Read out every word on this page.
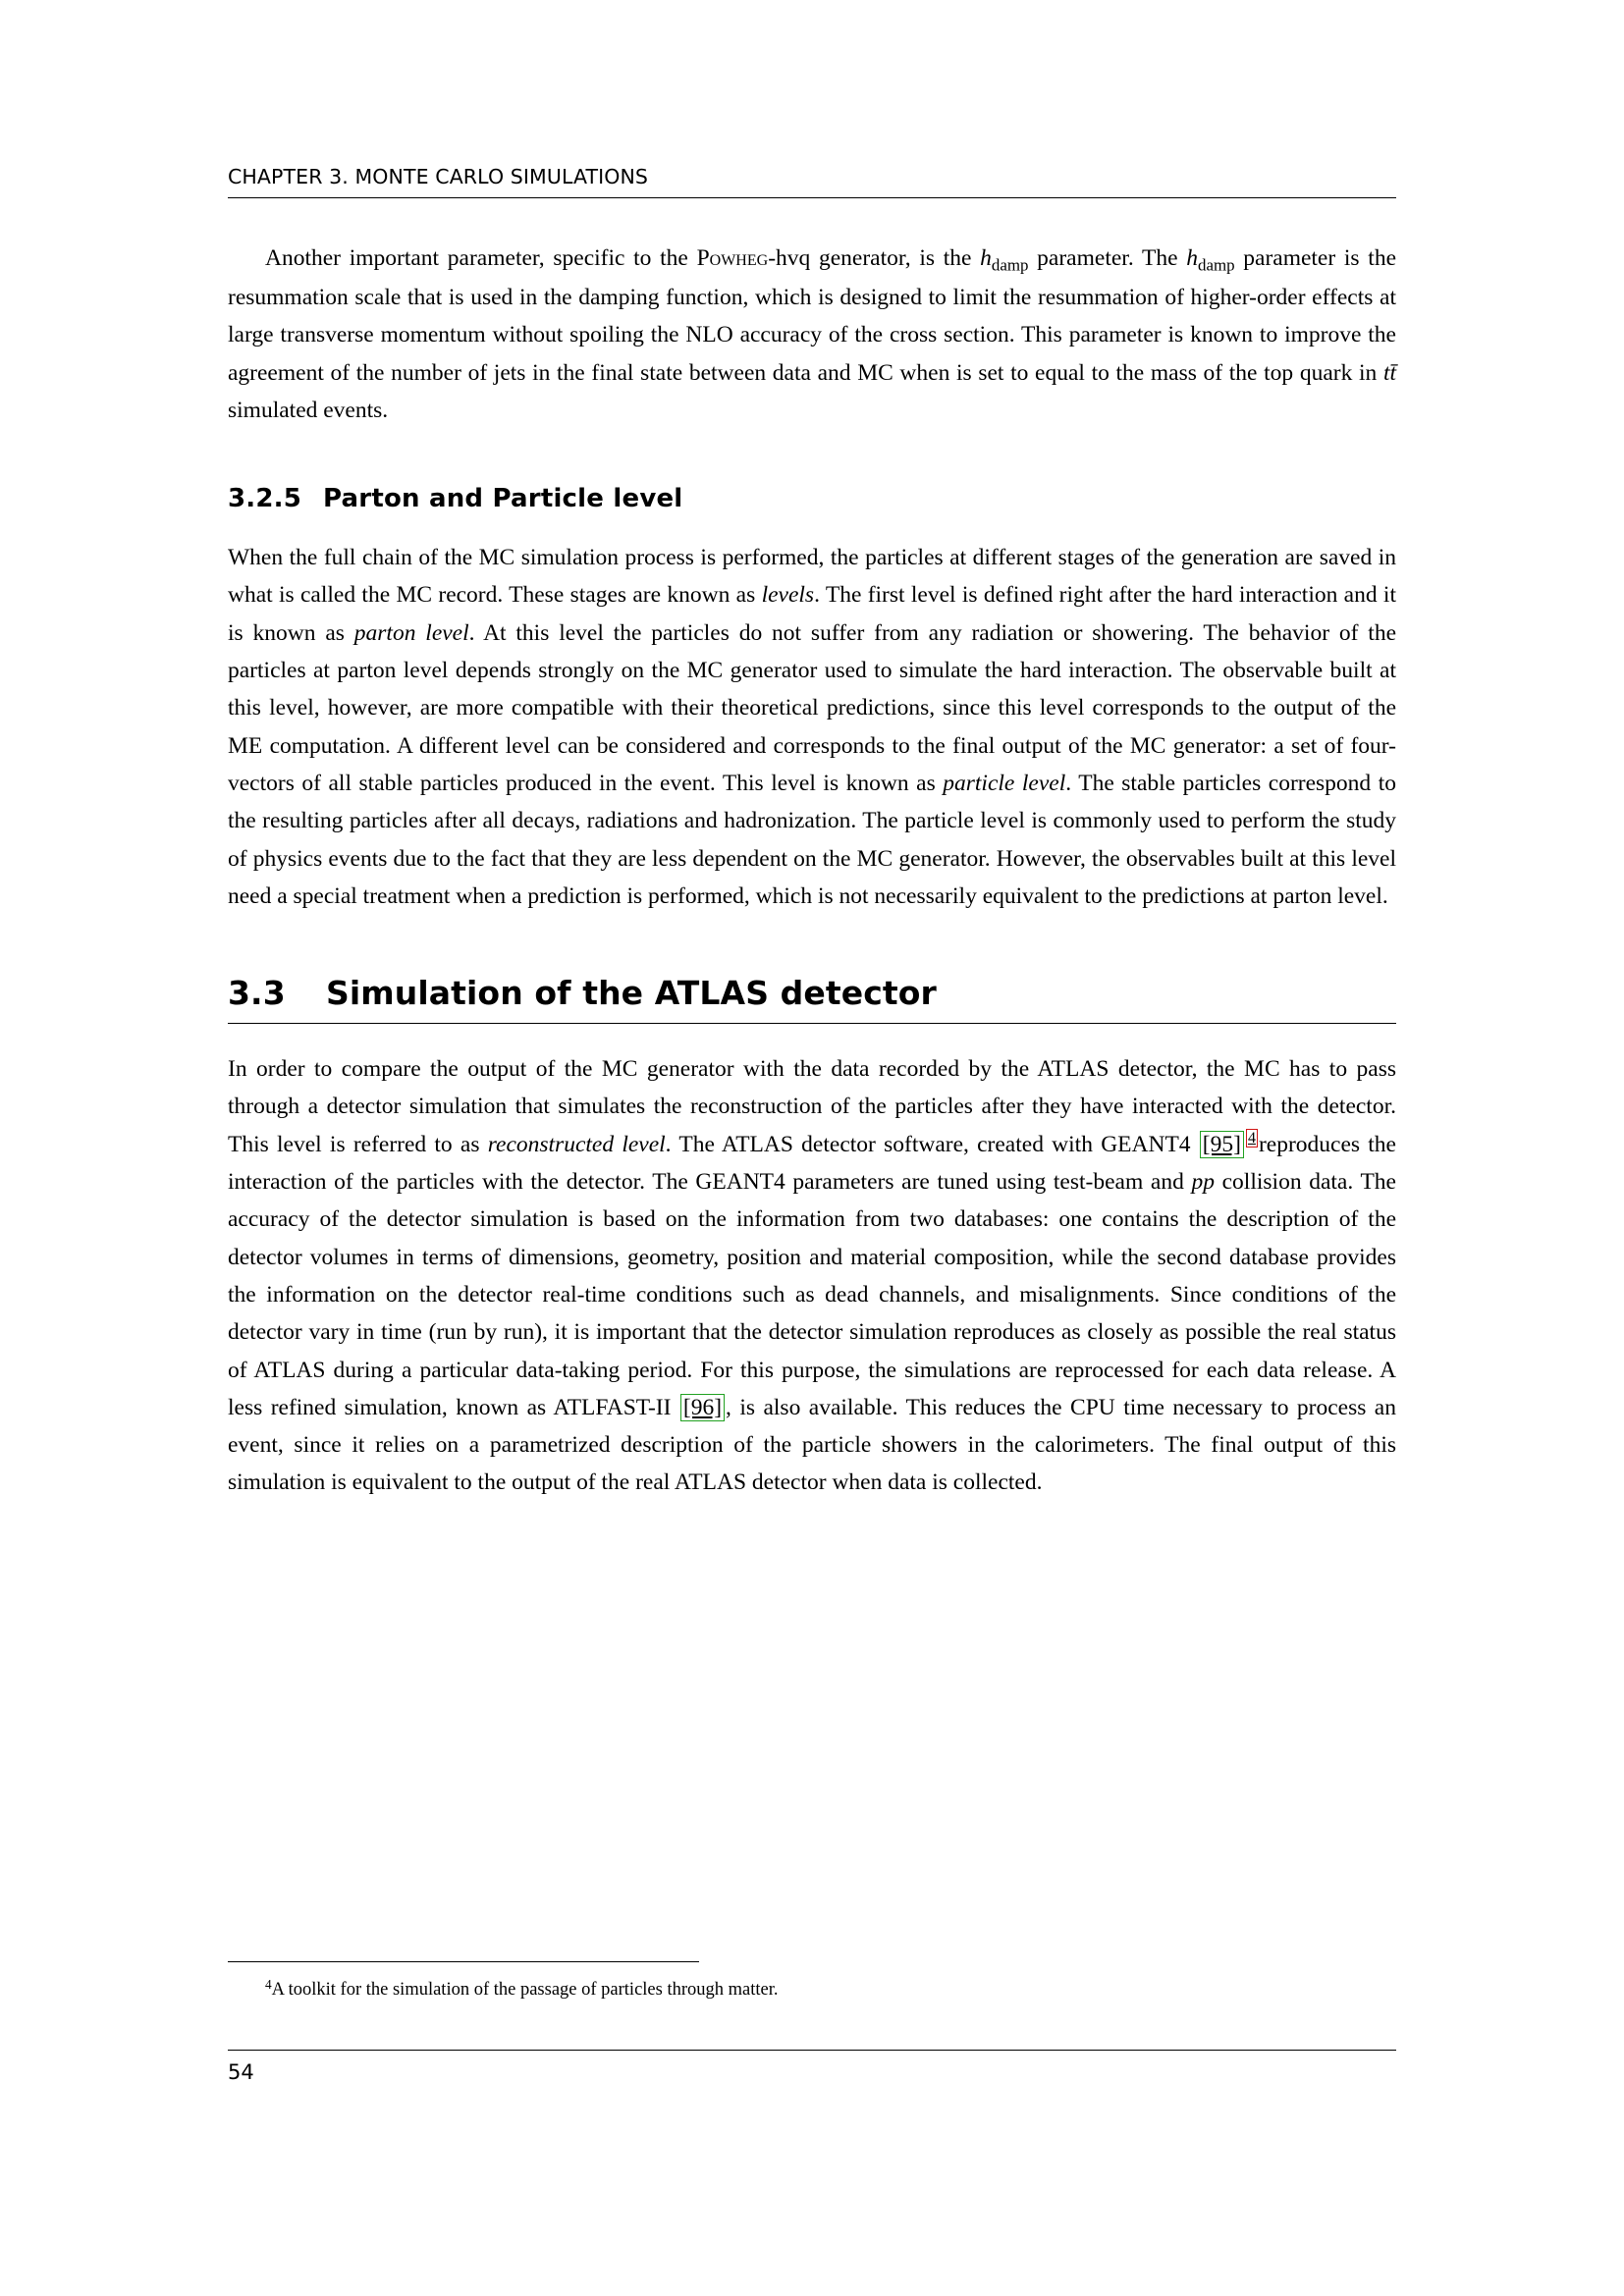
CHAPTER 3. MONTE CARLO SIMULATIONS

Another important parameter, specific to the Powheg-hvq generator, is the $h_{damp}$ parameter. The $h_{damp}$ parameter is the resummation scale that is used in the damping function, which is designed to limit the resummation of higher-order effects at large transverse momentum without spoiling the NLO accuracy of the cross section. This parameter is known to improve the agreement of the number of jets in the final state between data and MC when is set to equal to the mass of the top quark in tt̄ simulated events.

3.2.5 Parton and Particle level

When the full chain of the MC simulation process is performed, the particles at different stages of the generation are saved in what is called the MC record. These stages are known as levels. The first level is defined right after the hard interaction and it is known as parton level. At this level the particles do not suffer from any radiation or showering. The behavior of the particles at parton level depends strongly on the MC generator used to simulate the hard interaction. The observable built at this level, however, are more compatible with their theoretical predictions, since this level corresponds to the output of the ME computation. A different level can be considered and corresponds to the final output of the MC generator: a set of four-vectors of all stable particles produced in the event. This level is known as particle level. The stable particles correspond to the resulting particles after all decays, radiations and hadronization. The particle level is commonly used to perform the study of physics events due to the fact that they are less dependent on the MC generator. However, the observables built at this level need a special treatment when a prediction is performed, which is not necessarily equivalent to the predictions at parton level.

3.3 Simulation of the ATLAS detector

In order to compare the output of the MC generator with the data recorded by the ATLAS detector, the MC has to pass through a detector simulation that simulates the reconstruction of the particles after they have interacted with the detector. This level is referred to as reconstructed level. The ATLAS detector software, created with GEANT4 [95] $^4$ reproduces the interaction of the particles with the detector. The GEANT4 parameters are tuned using test-beam and pp collision data. The accuracy of the detector simulation is based on the information from two databases: one contains the description of the detector volumes in terms of dimensions, geometry, position and material composition, while the second database provides the information on the detector real-time conditions such as dead channels, and misalignments. Since conditions of the detector vary in time (run by run), it is important that the detector simulation reproduces as closely as possible the real status of ATLAS during a particular data-taking period. For this purpose, the simulations are reprocessed for each data release. A less refined simulation, known as ATLFAST-II [96] , is also available. This reduces the CPU time necessary to process an event, since it relies on a parametrized description of the particle showers in the calorimeters. The final output of this simulation is equivalent to the output of the real ATLAS detector when data is collected.

$^4$A toolkit for the simulation of the passage of particles through matter.
54
